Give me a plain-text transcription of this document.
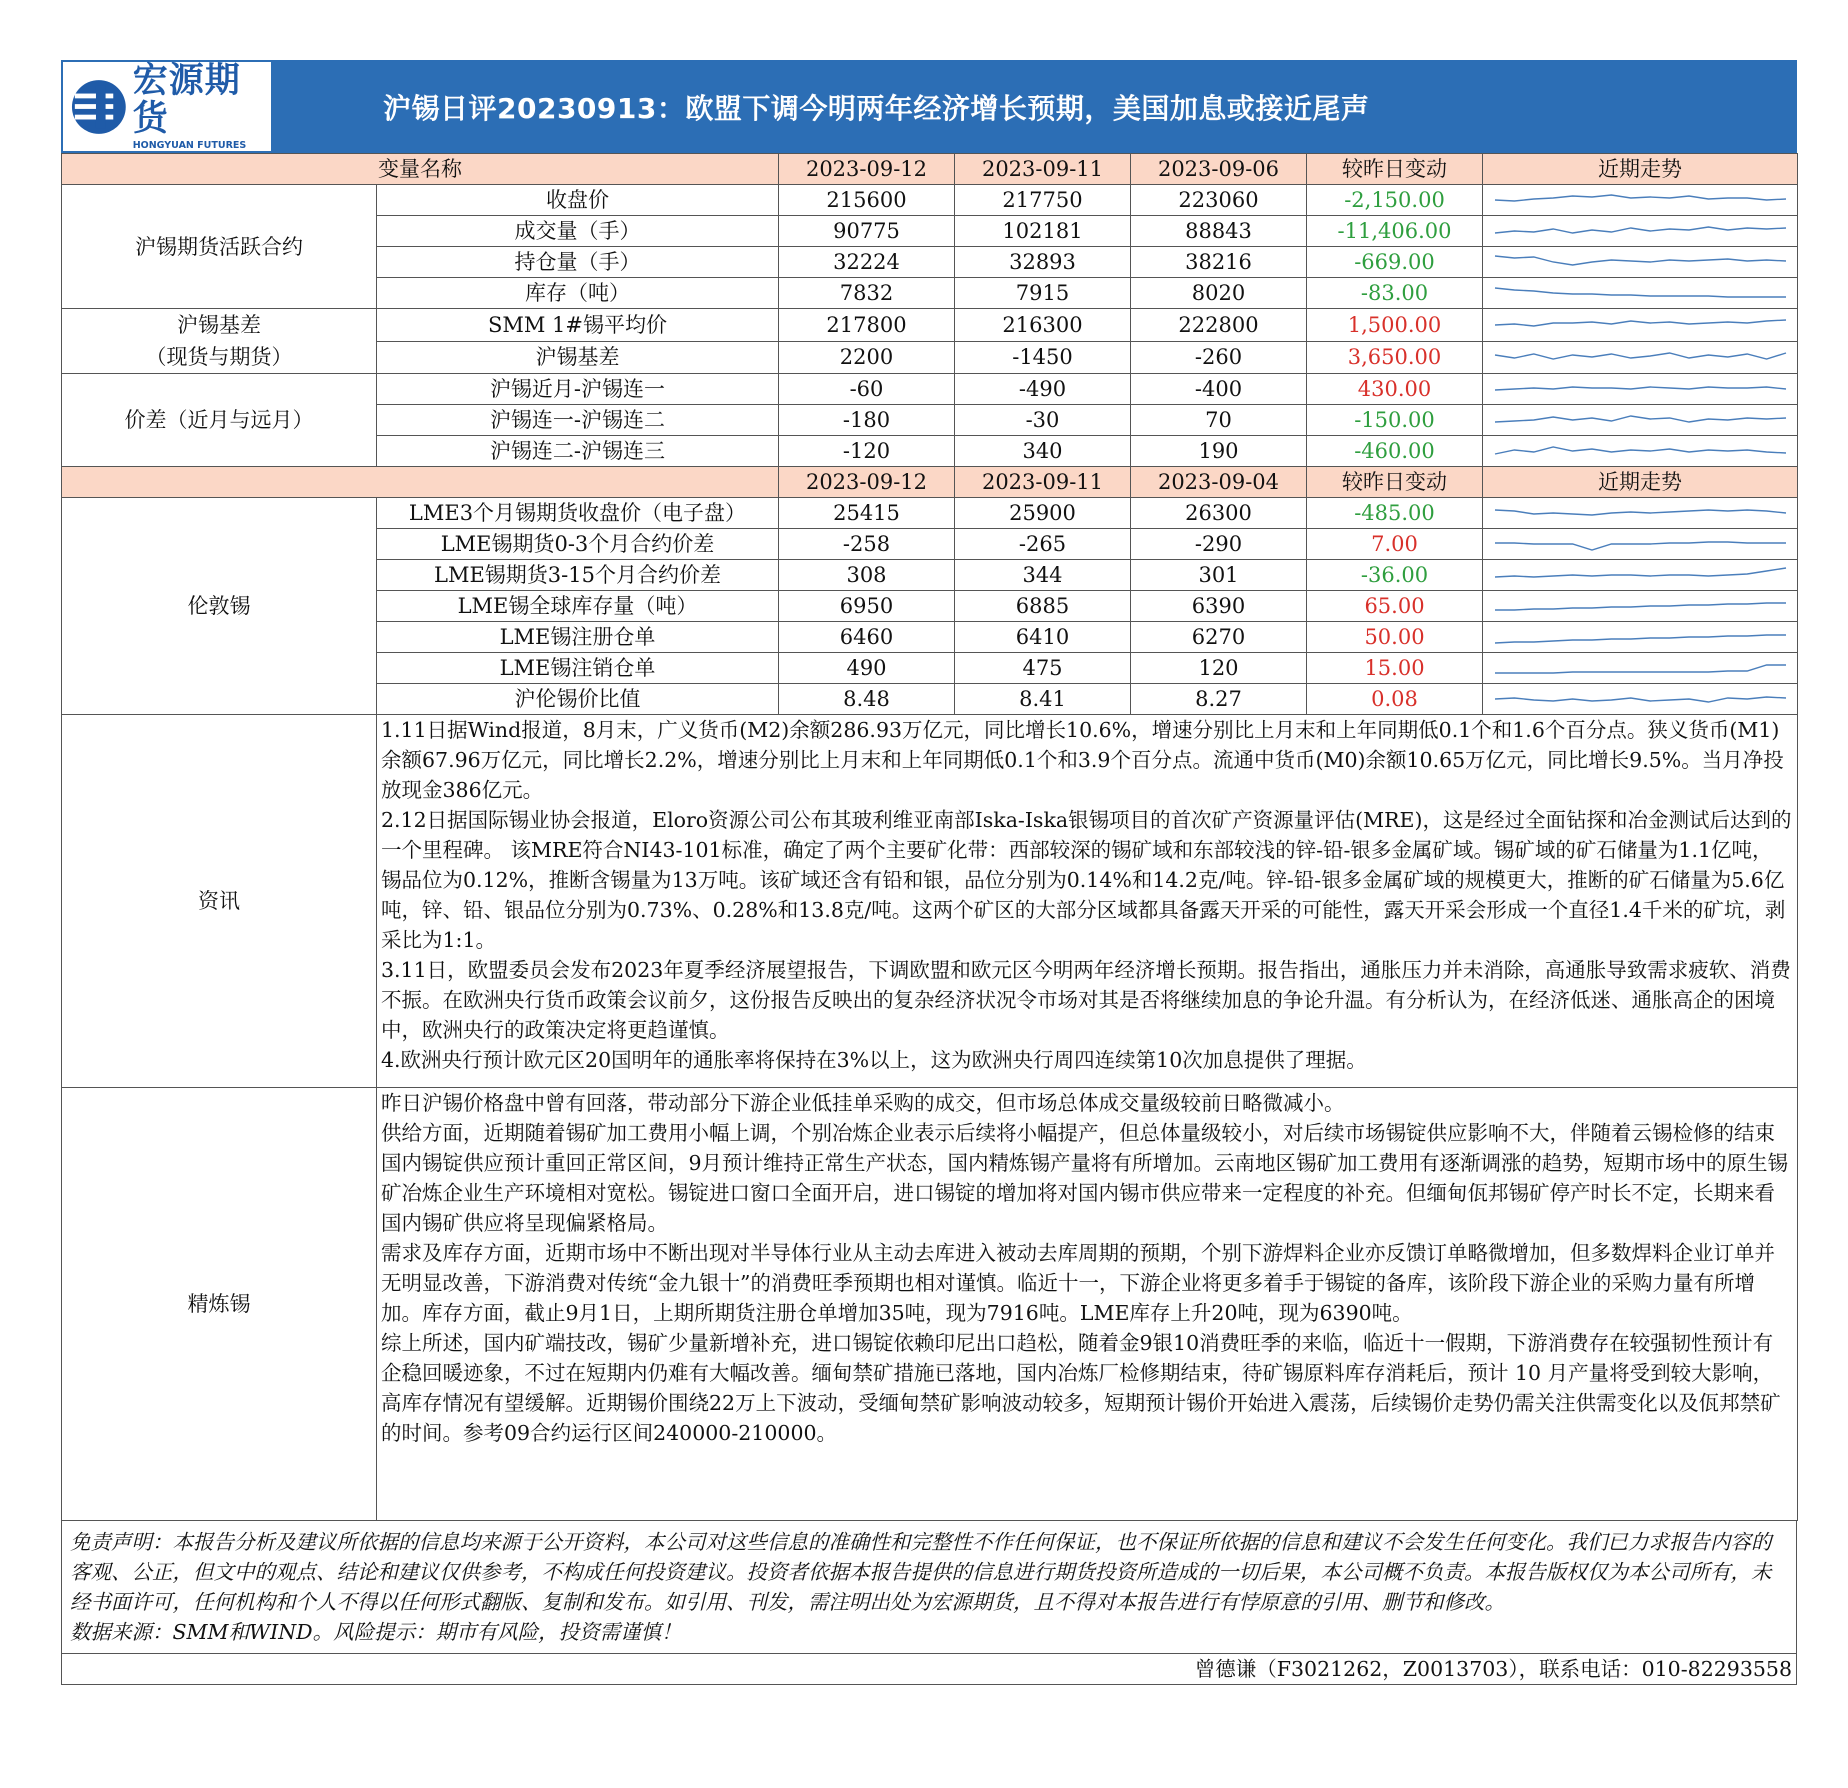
宏源期货
HONGYUAN FUTURES
沪锡日评20230913：欧盟下调今明两年经济增长预期，美国加息或接近尾声
变量名称		2023-09-12	2023-09-11	2023-09-06	较昨日变动	近期走势
沪锡期货活跃合约	收盘价	215600	217750	223060	-2,150.00	

	成交量（手）	90775	102181	88843	-11,406.00	

	持仓量（手）	32224	32893	38216	-669.00	

	库存（吨）	7832	7915	8020	-83.00	

沪锡基差
（现货与期货）	SMM 1#锡平均价	217800	216300	222800	1,500.00	

	沪锡基差	2200	-1450	-260	3,650.00	

价差（近月与远月）	沪锡近月-沪锡连一	-60	-490	-400	430.00	

	沪锡连一-沪锡连二	-180	-30	70	-150.00	

	沪锡连二-沪锡连三	-120	340	190	-460.00	

		2023-09-12	2023-09-11	2023-09-04	较昨日变动	近期走势
伦敦锡	LME3个月锡期货收盘价（电子盘）	25415	25900	26300	-485.00	

	LME锡期货0-3个月合约价差	-258	-265	-290	7.00	

	LME锡期货3-15个月合约价差	308	344	301	-36.00	

	LME锡全球库存量（吨）	6950	6885	6390	65.00	

	LME锡注册仓单	6460	6410	6270	50.00	

	LME锡注销仓单	490	475	120	15.00	

	沪伦锡价比值	8.48	8.41	8.27	0.08	

资讯	1.11日据Wind报道，8月末，广义货币(M2)余额286.93万亿元，同比增长10.6%，增速分别比上月末和上年同期低0.1个和1.6个百分点。狭义货币(M1)余额67.96万亿元，同比增长2.2%，增速分别比上月末和上年同期低0.1个和3.9个百分点。流通中货币(M0)余额10.65万亿元，同比增长9.5%。当月净投放现金386亿元。

2.12日据国际锡业协会报道，Eloro资源公司公布其玻利维亚南部Iska-Iska银锡项目的首次矿产资源量评估(MRE)，这是经过全面钻探和冶金测试后达到的一个里程碑。 该MRE符合NI43-101标准，确定了两个主要矿化带：西部较深的锡矿域和东部较浅的锌-铅-银多金属矿域。锡矿域的矿石储量为1.1亿吨，锡品位为0.12%，推断含锡量为13万吨。该矿域还含有铅和银，品位分别为0.14%和14.2克/吨。锌-铅-银多金属矿域的规模更大，推断的矿石储量为5.6亿吨，锌、铅、银品位分别为0.73%、0.28%和13.8克/吨。这两个矿区的大部分区域都具备露天开采的可能性，露天开采会形成一个直径1.4千米的矿坑，剥采比为1:1。

3.11日，欧盟委员会发布2023年夏季经济展望报告，下调欧盟和欧元区今明两年经济增长预期。报告指出，通胀压力并未消除，高通胀导致需求疲软、消费不振。在欧洲央行货币政策会议前夕，这份报告反映出的复杂经济状况令市场对其是否将继续加息的争论升温。有分析认为，在经济低迷、通胀高企的困境中，欧洲央行的政策决定将更趋谨慎。

4.欧洲央行预计欧元区20国明年的通胀率将保持在3%以上，这为欧洲央行周四连续第10次加息提供了理据。					

精炼锡	昨日沪锡价格盘中曾有回落，带动部分下游企业低挂单采购的成交，但市场总体成交量级较前日略微减小。

供给方面，近期随着锡矿加工费用小幅上调，个别冶炼企业表示后续将小幅提产，但总体量级较小，对后续市场锡锭供应影响不大，伴随着云锡检修的结束国内锡锭供应预计重回正常区间，9月预计维持正常生产状态，国内精炼锡产量将有所增加。云南地区锡矿加工费用有逐渐调涨的趋势，短期市场中的原生锡矿冶炼企业生产环境相对宽松。锡锭进口窗口全面开启，进口锡锭的增加将对国内锡市供应带来一定程度的补充。但缅甸佤邦锡矿停产时长不定，长期来看国内锡矿供应将呈现偏紧格局。

需求及库存方面，近期市场中不断出现对半导体行业从主动去库进入被动去库周期的预期，个别下游焊料企业亦反馈订单略微增加，但多数焊料企业订单并无明显改善，下游消费对传统“金九银十”的消费旺季预期也相对谨慎。临近十一，下游企业将更多着手于锡锭的备库，该阶段下游企业的采购力量有所增加。库存方面，截止9月1日，上期所期货注册仓单增加35吨，现为7916吨。LME库存上升20吨，现为6390吨。

综上所述，国内矿端技改，锡矿少量新增补充，进口锡锭依赖印尼出口趋松，随着金9银10消费旺季的来临，临近十一假期，下游消费存在较强韧性预计有企稳回暖迹象，不过在短期内仍难有大幅改善。缅甸禁矿措施已落地，国内冶炼厂检修期结束，待矿锡原料库存消耗后，预计 10 月产量将受到较大影响，高库存情况有望缓解。近期锡价围绕22万上下波动，受缅甸禁矿影响波动较多，短期预计锡价开始进入震荡，后续锡价走势仍需关注供需变化以及佤邦禁矿的时间。参考09合约运行区间240000-210000。					

免责声明：本报告分析及建议所依据的信息均来源于公开资料，本公司对这些信息的准确性和完整性不作任何保证，也不保证所依据的信息和建议不会发生任何变化。我们已力求报告内容的客观、公正，但文中的观点、结论和建议仅供参考，不构成任何投资建议。投资者依据本报告提供的信息进行期货投资所造成的一切后果，本公司概不负责。本报告版权仅为本公司所有，未经书面许可，任何机构和个人不得以任何形式翻版、复制和发布。如引用、刊发，需注明出处为宏源期货，且不得对本报告进行有悖原意的引用、删节和修改。

数据来源：SMM和WIND。风险提示：期市有风险，投资需谨慎！

曾德谦（F3021262，Z0013703），联系电话：010-82293558
